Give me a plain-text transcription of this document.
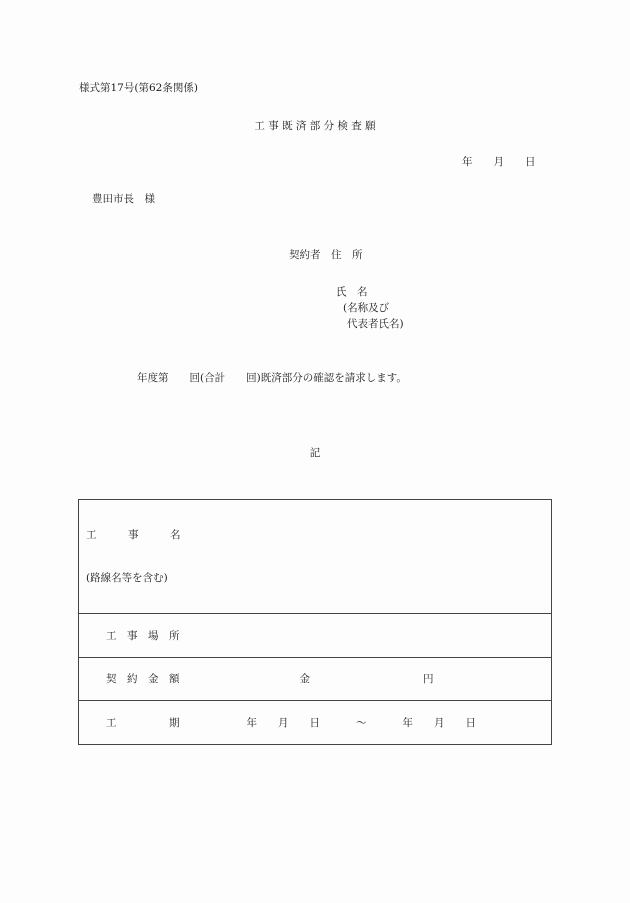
様式第17号(第62条関係)
工 事 既 済 部 分 検 査 願
年　　月　　日
豊田市長　様
契約者　住　所
氏　名
(名称及び
代表者氏名)
年度第　　回(合計　　回)既済部分の確認を請求します。
記

工　　　事　　　名

(路線名等を含む)

工　事　場　所

契　約　金　額	金	円

工　　　　　期	年　　月　　日	～	年　　月　　日
